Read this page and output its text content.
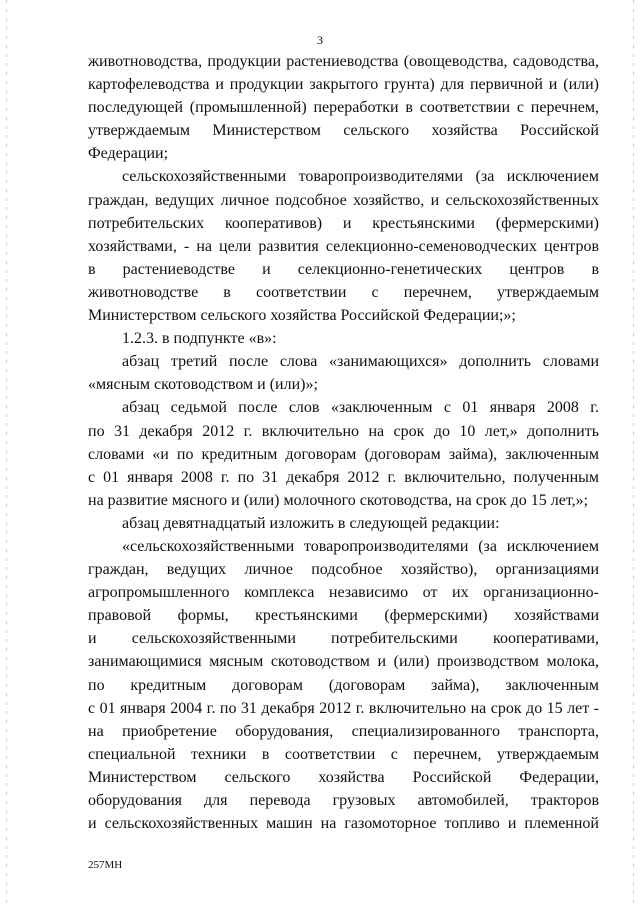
3
животноводства, продукции растениеводства (овощеводства, садоводства,
картофелеводства и продукции закрытого грунта) для первичной и (или)
последующей (промышленной) переработки в соответствии с перечнем,
утверждаемым Министерством сельского хозяйства Российской
Федерации;
сельскохозяйственными товаропроизводителями (за исключением
граждан, ведущих личное подсобное хозяйство, и сельскохозяйственных
потребительских кооперативов) и крестьянскими (фермерскими)
хозяйствами, - на цели развития селекционно-семеноводческих центров
в растениеводстве и селекционно-генетических центров в
животноводстве в соответствии с перечнем, утверждаемым
Министерством сельского хозяйства Российской Федерации;»;
1.2.3. в подпункте «в»:
абзац третий после слова «занимающихся» дополнить словами
«мясным скотоводством и (или)»;
абзац седьмой после слов «заключенным с 01 января 2008 г.
по 31 декабря 2012 г. включительно на срок до 10 лет,» дополнить
словами «и по кредитным договорам (договорам займа), заключенным
с 01 января 2008 г. по 31 декабря 2012 г. включительно, полученным
на развитие мясного и (или) молочного скотоводства, на срок до 15 лет,»;
абзац девятнадцатый изложить в следующей редакции:
«сельскохозяйственными товаропроизводителями (за исключением
граждан, ведущих личное подсобное хозяйство), организациями
агропромышленного комплекса независимо от их организационно-
правовой формы, крестьянскими (фермерскими) хозяйствами
и сельскохозяйственными потребительскими кооперативами,
занимающимися мясным скотоводством и (или) производством молока,
по кредитным договорам (договорам займа), заключенным
с 01 января 2004 г. по 31 декабря 2012 г. включительно на срок до 15 лет -
на приобретение оборудования, специализированного транспорта,
специальной техники в соответствии с перечнем, утверждаемым
Министерством сельского хозяйства Российской Федерации,
оборудования для перевода грузовых автомобилей, тракторов
и сельскохозяйственных машин на газомоторное топливо и племенной
257МН
